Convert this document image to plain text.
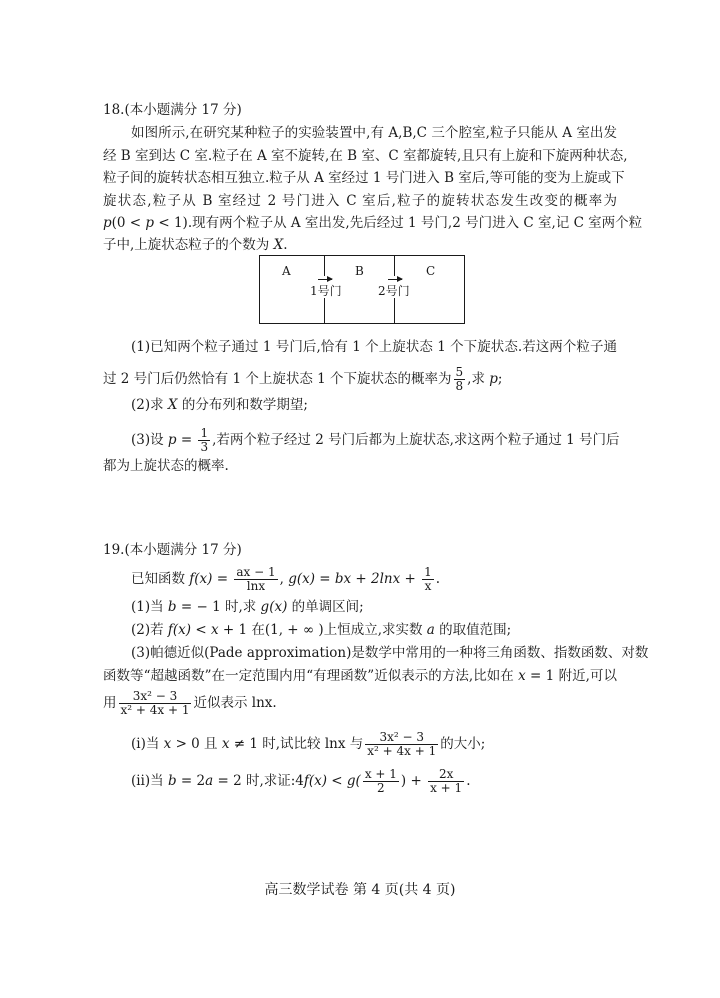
18.(本小题满分 17 分)
如图所示,在研究某种粒子的实验装置中,有 A,B,C 三个腔室,粒子只能从 A 室出发
经 B 室到达 C 室.粒子在 A 室不旋转,在 B 室、C 室都旋转,且只有上旋和下旋两种状态,
粒子间的旋转状态相互独立.粒子从 A 室经过 1 号门进入 B 室后,等可能的变为上旋或下
旋状态,粒子从 B 室经过 2 号门进入 C 室后,粒子的旋转状态发生改变的概率为
p(0 < p < 1).现有两个粒子从 A 室出发,先后经过 1 号门,2 号门进入 C 室,记 C 室两个粒
子中,上旋状态粒子的个数为 X.
A	B	C
1号门	2号门
(1)已知两个粒子通过 1 号门后,恰有 1 个上旋状态 1 个下旋状态.若这两个粒子通
过 2 号门后仍然恰有 1 个上旋状态 1 个下旋状态的概率为 $\frac{5}{8}$ ,求 p;
(2)求 X 的分布列和数学期望;
(3)设 $p = \frac{1}{3}$ ,若两个粒子经过 2 号门后都为上旋状态,求这两个粒子通过 1 号门后
都为上旋状态的概率.
19.(本小题满分 17 分)
已知函数 $f(x) = \frac{ax - 1}{\ln x}$ , g(x) = bx + $2\ln x + \frac{1}{x}$ .
(1)当 b = − 1 时,求 g(x) 的单调区间;
(2)若 f(x) < x + 1 在(1, + ∞ )上恒成立,求实数 a 的取值范围;
(3)帕德近似(Pade approximation)是数学中常用的一种将三角函数、指数函数、对数
函数等“超越函数”在一定范围内用“有理函数”近似表示的方法,比如在 x = 1 附近,可以
用 $\frac{\text{3x² − 3}}{\text{x² + 4x + 1}}$ 近似表示 lnx.
(ⅰ)当 x > 0 且 x ≠ 1 时,试比较 lnx 与 $\frac{\text{3x² − 3}}{\text{x² + 4x + 1}}$ 的大小;
(ⅱ)当 b = 2a = 2 时,求证:4f(x) < $g( \frac{x + 1}{2}$ ) + $\frac{2x}{x + 1}$ .
高三数学试卷 第 4 页(共 4 页)
